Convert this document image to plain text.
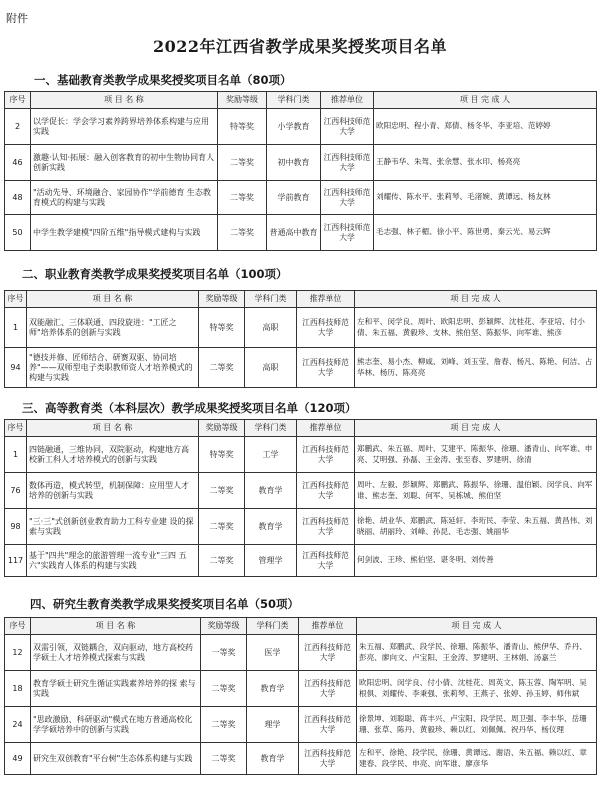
附件
2022年江西省教学成果奖授奖项目名单
一、基础教育类教学成果奖授奖项目名单（80项）
序号	项 目 名 称	奖励等级	学科门类	推荐单位	项 目 完 成 人
2	以学促长：学会学习素养跨界培养体系构建与应用实践	特等奖	小学教育	江西科技师范大学	欧阳忠明、程小青、郑倩、杨冬华、李亚培、范婷婷
46	激趣·认知·拓展：融入创客教育的初中生物协同育人创新实践	二等奖	初中教育	江西科技师范大学	王静韦华、朱驾、张余慧、张水印、杨亮亮
48	"活动先导、环境融合、家园协作"学前德育 生态教育模式的构建与实践	二等奖	学前教育	江西科技师范大学	刘耀传、陈水平、张莉琴、毛渚婉、黄谭远、杨友林
50	中学生教学建模"四阶五维"指导模式建构与实践	二等奖	普通高中教育	江西科技师范大学	毛志强、林子楣、徐小平、陈世勇、秦云光、易云辉
二、职业教育类教学成果奖授奖项目名单（100项）
序号	项 目 名 称	奖励等级	学科门类	推荐单位	项 目 完 成 人
1	双能融汇、三体联通、四段旋进："工匠之师"培养体系的创新与实践	特等奖	高职	江西科技师范大学	左和平、闵学良、周叶、欧阳忠明、彭颖辉、沈桂花、李亚培、付小倩、朱五福、黄毅珍、支林、熊伯坚、陈振华、向军谁、熊彦
94	"德技并修、匠师结合、研赛双驱、协同培养"——双师型电子类职教师资人才培养模式的构建与实践	二等奖	高职	江西科技师范大学	熊志奎、易小杰、柳咸、刘峰、刘玉莹、詹春、杨凡、陈艳、何洁、占华林、杨历、陈亮亮
三、高等教育类（本科层次）教学成果奖授奖项目名单（120项）
序号	项 目 名 称	奖励等级	学科门类	推荐单位	项 目 完 成 人
1	四链融通，三维协同，双院驱动，构建地方高校新工科人才培养模式的创新与实践	特等奖	工学	江西科技师范大学	郑鹏武、朱五福、周叶、艾建平、陈振华、徐珊、潘青山、向军谁、申亮、艾明强、孙磊、王金涛、张至春、罗建明、徐清
76	数体再造，模式转型，机制保障：应用型人才培养的创新与实践	二等奖	教育学	江西科技师范大学	周叶、左毅、彭颖辉、郑鹏武、陈振华、徐珊、温伯颖、闵学良、向军谁、熊志奎、刘聪、何军、吴栋城、熊伯坚
98	"三·三"式创新创业教育助力工科专业建 设的探索与实践	二等奖	教育学	江西科技师范大学	徐艳、胡业华、郑鹏武、陈延轩、李珩民、李莹、朱五福、黄昌伟、刘晓丽、胡丽玲、刘峰、孙昆、毛志强、姚丽华
117	基于"四共"理念的旅游管理一流专业"三四 五六"实践育人体系的构建与实践	二等奖	管理学	江西科技师范大学	何剑波、王珍、熊伯坚、谌冬明、刘传善
四、研究生教育类教学成果奖授奖项目名单（50项）
序号	项 目 名 称	奖励等级	学科门类	推荐单位	项 目 完 成 人
12	双需引领，双链耦合，双向驱动，地方高校药学硕士人才培养模式探索与实践	一等奖	医学	江西科技师范大学	朱五福、郑鹏武、段学民、徐珊、陈振华、潘青山、熊伊华、乔丹、彭亮、廖向文、卢宝阳、王金涛、罗建明、王林娟、汤嘉兰
18	教育学硕士研究生循证实践素养培养的探 索与实践	二等奖	教育学	江西科技师范大学	欧阳忠明、闵学良、付小倩、沈桂花、周英文、陈玉蓉、陶军明、吴根俱、刘耀传、李秉强、张莉琴、王燕子、张婷、孙玉婷、师伟斌
24	"思政激励、科研驱动"模式在地方普通高校化学学硕培养中的创新与实践	二等奖	理学	江西科技师范大学	徐景坤、刘聪聪、蒋丰兴、卢宝阳、段学民、周卫强、李丰华、岳珊珊、张草、陈丹、黄毅珍、赖以红、刘佩佩、祝丹华、杨仪理
49	研究生双创教育"平台树"生态体系构建与实践	二等奖	教育学	江西科技师范大学	左和平、徐艳、段学民、徐珊、黄谭远、谢语、朱五福、赖以红、章建春、段学民、申亮、向军谁、廖彦华
